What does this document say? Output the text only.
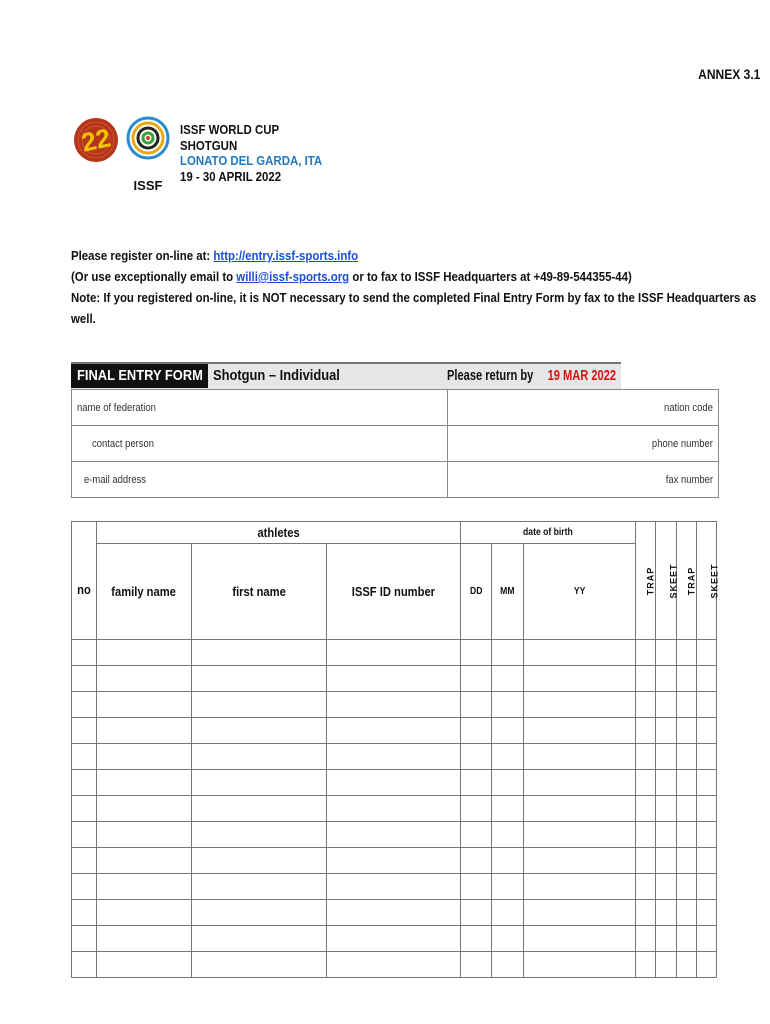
ANNEX 3.1
22
ISSF
ISSF WORLD CUP
SHOTGUN
LONATO DEL GARDA, ITA
19 - 30 APRIL 2022
Please register on-line at: http://entry.issf-sports.info
(Or use exceptionally email to willi@issf-sports.org or to fax to ISSF Headquarters at +49-89-544355-44)
Note: If you registered on-line, it is NOT necessary to send the completed Final Entry Form by fax to the ISSF Headquarters as
well.
FINAL ENTRY FORM Shotgun – Individual	Please return by19 MAR 2022
name of federation	nation code
contact person	phone number
e-mail address	fax number
no	athletes			date of birth			TRAP	SKEET	TRAP	SKEET
	family name	first name	ISSF ID number	DD	MM	YY				
